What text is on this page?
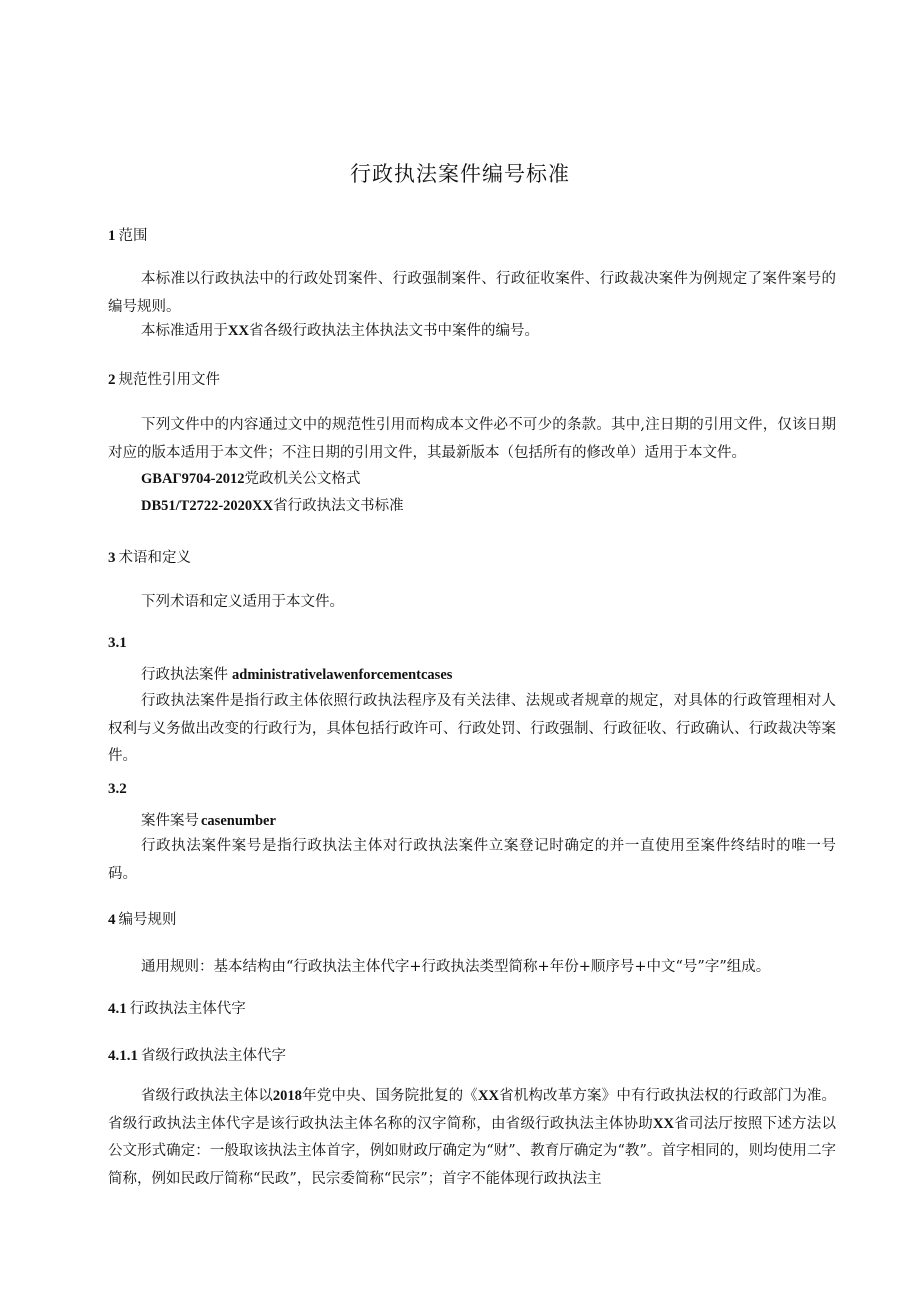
行政执法案件编号标准
1 范围
本标准以行政执法中的行政处罚案件、行政强制案件、行政征收案件、行政裁决案件为例规定了案件案号的编号规则。
本标准适用于XX省各级行政执法主体执法文书中案件的编号。
2 规范性引用文件
下列文件中的内容通过文中的规范性引用而构成本文件必不可少的条款。其中,注日期的引用文件，仅该日期对应的版本适用于本文件；不注日期的引用文件，其最新版本（包括所有的修改单）适用于本文件。
GBAΓ9704-2012党政机关公文格式
DB51/T2722-2020XX省行政执法文书标准
3 术语和定义
下列术语和定义适用于本文件。
3.1
行政执法案件 administrativelawenforcementcases
行政执法案件是指行政主体依照行政执法程序及有关法律、法规或者规章的规定，对具体的行政管理相对人权利与义务做出改变的行政行为，具体包括行政许可、行政处罚、行政强制、行政征收、行政确认、行政裁决等案件。
3.2
案件案号 casenumber
行政执法案件案号是指行政执法主体对行政执法案件立案登记时确定的并一直使用至案件终结时的唯一号码。
4 编号规则
通用规则：基本结构由“行政执法主体代字+行政执法类型简称+年份+顺序号+中文“号”字”组成。
4.1 行政执法主体代字
4.1.1 省级行政执法主体代字
省级行政执法主体以2018年党中央、国务院批复的《XX省机构改革方案》中有行政执法权的行政部门为准。省级行政执法主体代字是该行政执法主体名称的汉字简称，由省级行政执法主体协助XX省司法厅按照下述方法以公文形式确定：一般取该执法主体首字，例如财政厅确定为“财”、教育厅确定为“教”。首字相同的，则均使用二字简称，例如民政厅简称“民政”，民宗委简称“民宗”；首字不能体现行政执法主
